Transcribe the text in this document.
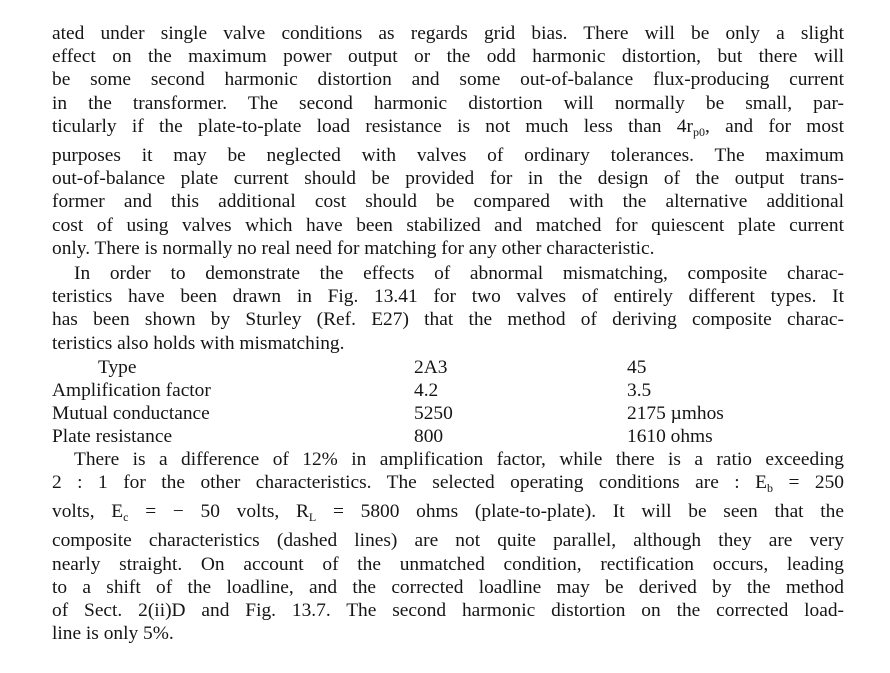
ated under single valve conditions as regards grid bias. There will be only a slight
effect on the maximum power output or the odd harmonic distortion, but there will
be some second harmonic distortion and some out-of-balance flux-producing current
in the transformer. The second harmonic distortion will normally be small, par-
ticularly if the plate-to-plate load resistance is not much less than $4r_{p0}$, and for most
purposes it may be neglected with valves of ordinary tolerances. The maximum
out-of-balance plate current should be provided for in the design of the output trans-
former and this additional cost should be compared with the alternative additional
cost of using valves which have been stabilized and matched for quiescent plate current
only. There is normally no real need for matching for any other characteristic.
In order to demonstrate the effects of abnormal mismatching, composite charac-
teristics have been drawn in Fig. 13.41 for two valves of entirely different types. It
has been shown by Sturley (Ref. E27) that the method of deriving composite charac-
teristics also holds with mismatching.
Type	2A3	45
Amplification factor	4.2	3.5
Mutual conductance	5250	2175 µmhos
Plate resistance	800	1610 ohms
There is a difference of 12% in amplification factor, while there is a ratio exceeding
2 : 1 for the other characteristics. The selected operating conditions are : $E_b = 250$
volts, $E_c$ = − 50 volts, $R_L = 5800$ ohms (plate-to-plate). It will be seen that the
composite characteristics (dashed lines) are not quite parallel, although they are very
nearly straight. On account of the unmatched condition, rectification occurs, leading
to a shift of the loadline, and the corrected loadline may be derived by the method
of Sect. 2(ii)D and Fig. 13.7. The second harmonic distortion on the corrected load-
line is only 5%.
